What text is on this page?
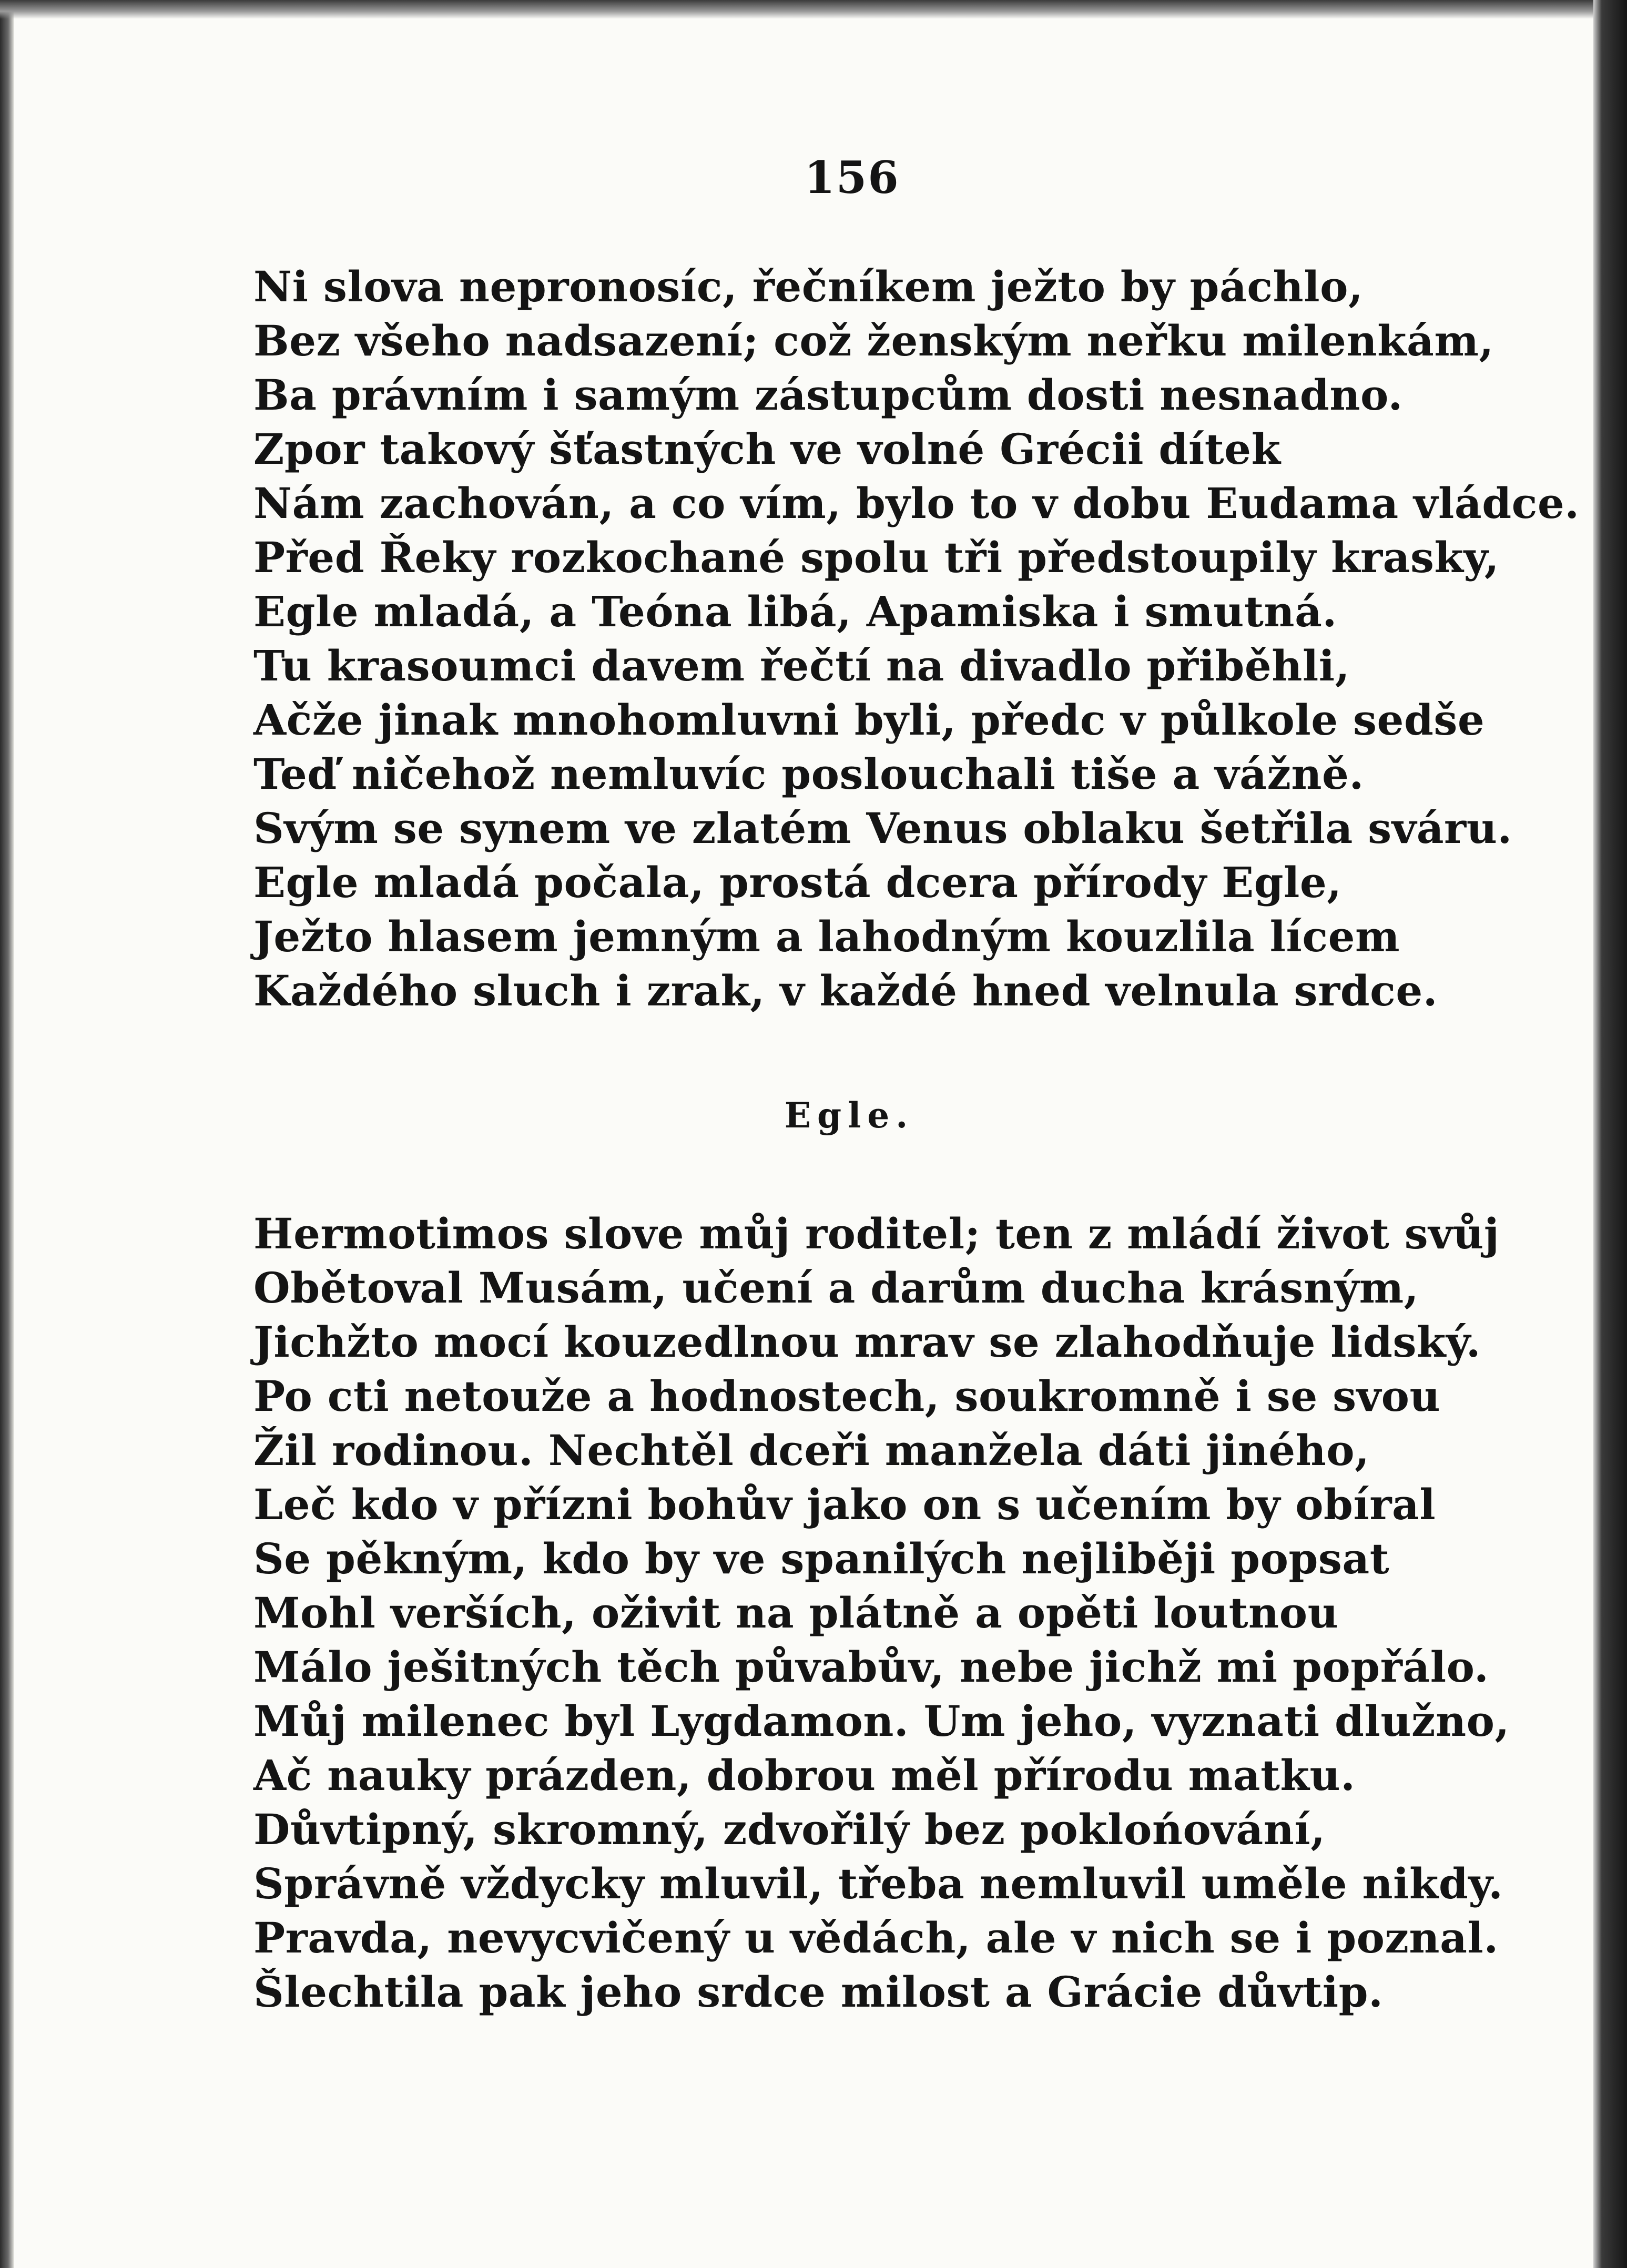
156
Ni slova nepronosíc, řečníkem ježto by páchlo,
Bez všeho nadsazení; což ženským neřku milenkám,
Ba právním i samým zástupcům dosti nesnadno.
Zpor takový šťastných ve volné Grécii dítek
Nám zachován, a co vím, bylo to v dobu Eudama vládce.
Před Řeky rozkochané spolu tři předstoupily krasky,
Egle mladá, a Teóna libá, Apamiska i smutná.
Tu krasoumci davem řečtí na divadlo přiběhli,
Ačže jinak mnohomluvni byli, předc v půlkole sedše
Teď ničehož nemluvíc poslouchali tiše a vážně.
Svým se synem ve zlatém Venus oblaku šetřila sváru.
Egle mladá počala, prostá dcera přírody Egle,
Ježto hlasem jemným a lahodným kouzlila lícem
Každého sluch i zrak, v každé hned velnula srdce.
Egle.
Hermotimos slove můj roditel; ten z mládí život svůj
Obětoval Musám, učení a darům ducha krásným,
Jichžto mocí kouzedlnou mrav se zlahodňuje lidský.
Po cti netouže a hodnostech, soukromně i se svou
Žil rodinou. Nechtěl dceři manžela dáti jiného,
Leč kdo v přízni bohův jako on s učením by obíral
Se pěkným, kdo by ve spanilých nejliběji popsat
Mohl verších, oživit na plátně a opěti loutnou
Málo ješitných těch půvabův, nebe jichž mi popřálo.
Můj milenec byl Lygdamon. Um jeho, vyznati dlužno,
Ač nauky prázden, dobrou měl přírodu matku.
Důvtipný, skromný, zdvořilý bez poklońování,
Správně vždycky mluvil, třeba nemluvil uměle nikdy.
Pravda, nevycvičený u vědách, ale v nich se i poznal.
Šlechtila pak jeho srdce milost a Grácie důvtip.
